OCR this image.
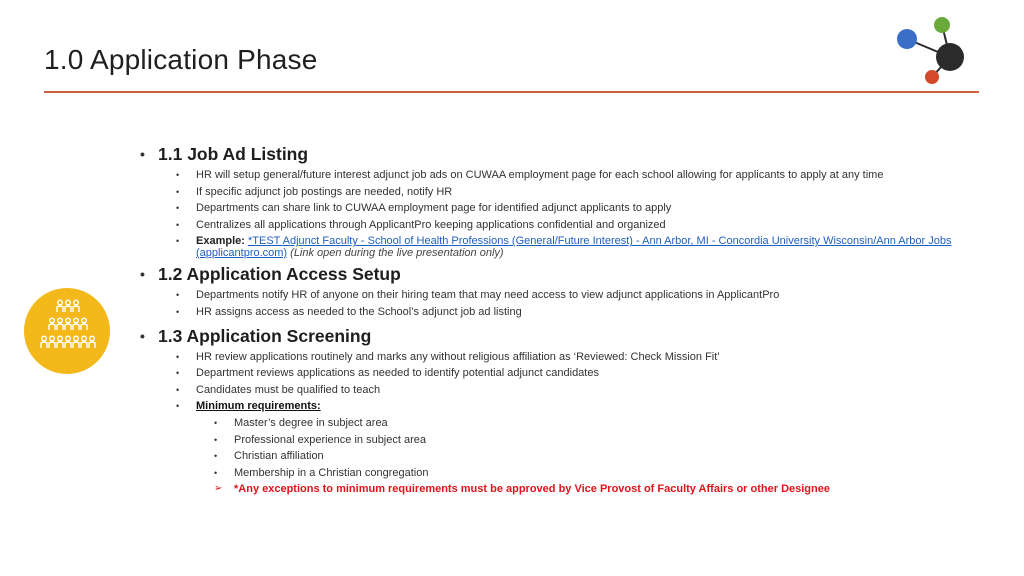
1.0 Application Phase
• 1.1 Job Ad Listing
• HR will setup general/future interest adjunct job ads on CUWAA employment page for each school allowing for applicants to apply at any time
• If specific adjunct job postings are needed, notify HR
• Departments can share link to CUWAA employment page for identified adjunct applicants to apply
• Centralizes all applications through ApplicantPro keeping applications confidential and organized
• Example: *TEST Adjunct Faculty - School of Health Professions (General/Future Interest) - Ann Arbor, MI - Concordia University Wisconsin/Ann Arbor Jobs (applicantpro.com) (Link open during the live presentation only)
• 1.2 Application Access Setup
• Departments notify HR of anyone on their hiring team that may need access to view adjunct applications in ApplicantPro
• HR assigns access as needed to the School’s adjunct job ad listing
• 1.3 Application Screening
• HR review applications routinely and marks any without religious affiliation as ‘Reviewed: Check Mission Fit’
• Department reviews applications as needed to identify potential adjunct candidates
• Candidates must be qualified to teach
• Minimum requirements:
• Master’s degree in subject area
• Professional experience in subject area
• Christian affiliation
• Membership in a Christian congregation
➢ *Any exceptions to minimum requirements must be approved by Vice Provost of Faculty Affairs or other Designee
